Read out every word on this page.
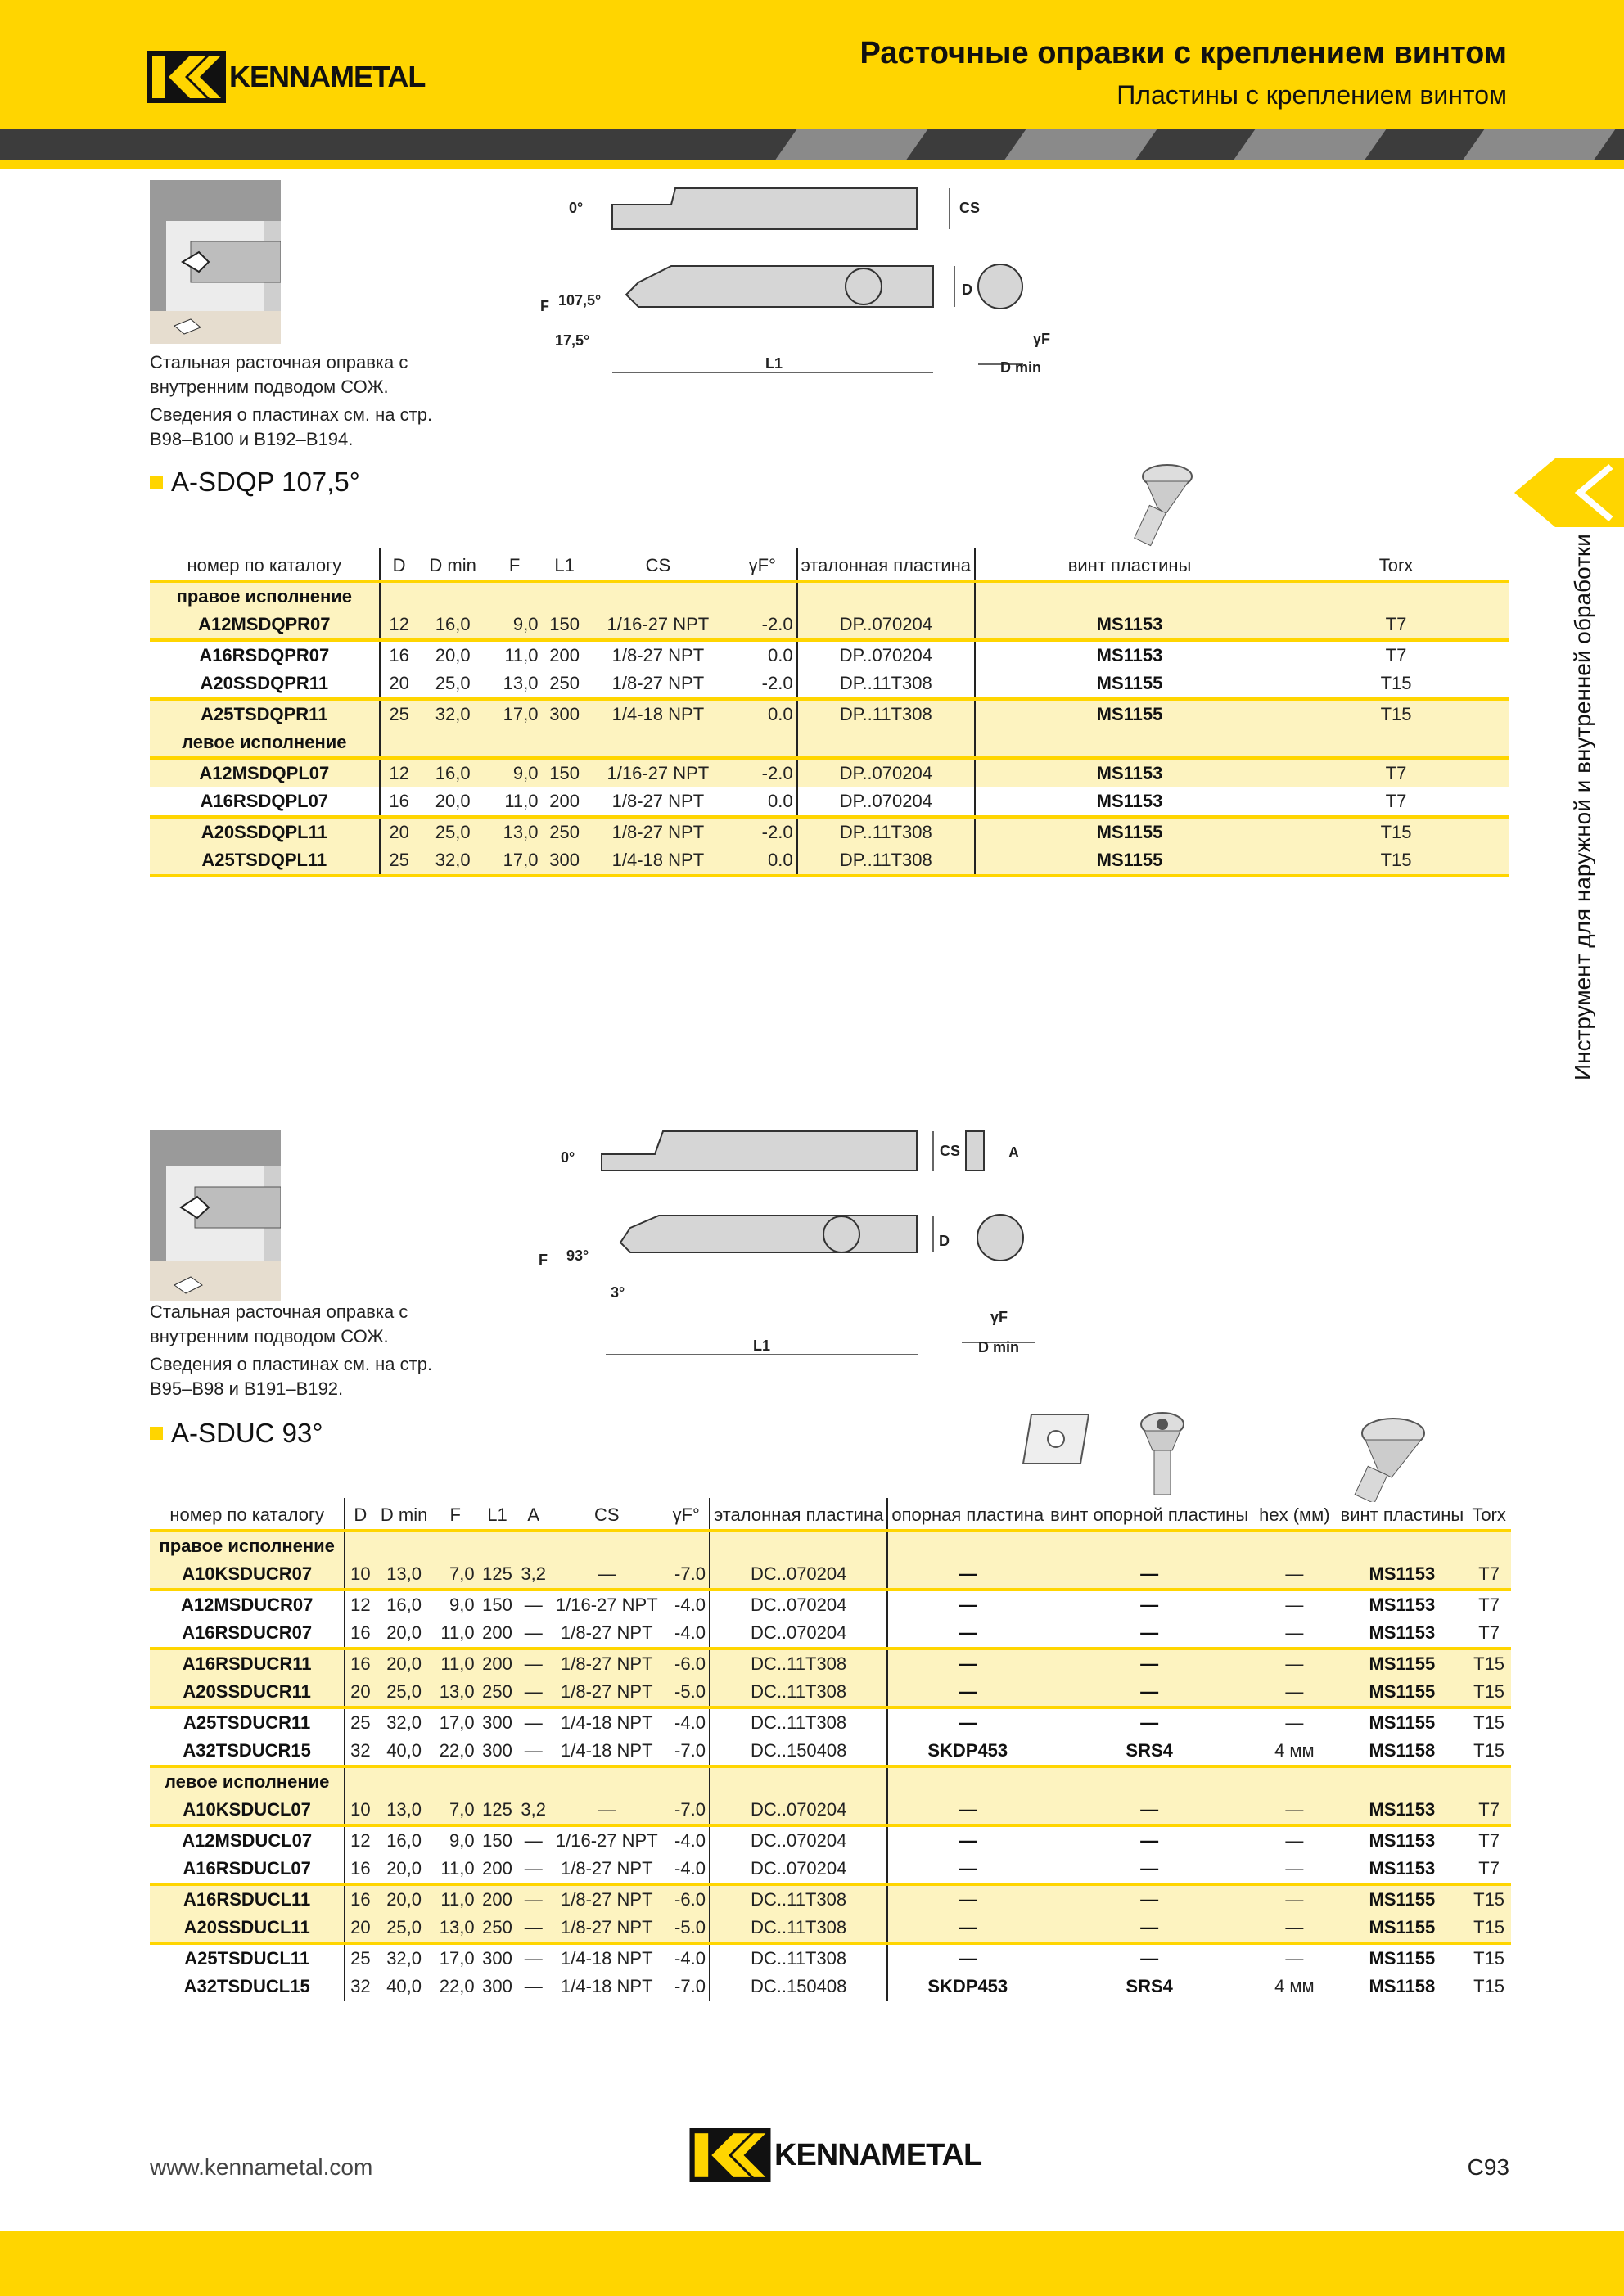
KENNAMETAL
Расточные оправки с креплением винтом
Пластины с креплением винтом
Инструмент для наружной и внутренней обработки
Стальная расточная оправка с внутренним подводом СОЖ.
Сведения о пластинах см. на стр. B98–B100 и B192–B194.
0°	CS
F 107,5°
17,5°
L1
D
γF
D min
A-SDQP 107,5°
номер по каталогу	D	D min	F	L1	CS	γF°	эталонная пластина	винт пластины	Torx
правое исполнение									
A12MSDQPR07	12	16,0	9,0	150	1/16-27 NPT	-2.0	DP..070204	MS1153	T7
A16RSDQPR07	16	20,0	11,0	200	1/8-27 NPT	0.0	DP..070204	MS1153	T7
A20SSDQPR11	20	25,0	13,0	250	1/8-27 NPT	-2.0	DP..11T308	MS1155	T15
A25TSDQPR11	25	32,0	17,0	300	1/4-18 NPT	0.0	DP..11T308	MS1155	T15
левое исполнение									
A12MSDQPL07	12	16,0	9,0	150	1/16-27 NPT	-2.0	DP..070204	MS1153	T7
A16RSDQPL07	16	20,0	11,0	200	1/8-27 NPT	0.0	DP..070204	MS1153	T7
A20SSDQPL11	20	25,0	13,0	250	1/8-27 NPT	-2.0	DP..11T308	MS1155	T15
A25TSDQPL11	25	32,0	17,0	300	1/4-18 NPT	0.0	DP..11T308	MS1155	T15
Стальная расточная оправка с внутренним подводом СОЖ.
Сведения о пластинах см. на стр. B95–B98 и B191–B192.
0°	CS	A
F 93°
3°
L1
D
γF
D min
A-SDUC 93°
номер по каталогу	D	D min	F	L1	A	CS	γF°	эталонная пластина	опорная пластина	винт опорной пластины	hex (мм)	винт пластины	Torx
правое исполнение													
A10KSDUCR07	10	13,0	7,0	125	3,2	—	-7.0	DC..070204	—	—	—	MS1153	T7
A12MSDUCR07	12	16,0	9,0	150	—	1/16-27 NPT	-4.0	DC..070204	—	—	—	MS1153	T7
A16RSDUCR07	16	20,0	11,0	200	—	1/8-27 NPT	-4.0	DC..070204	—	—	—	MS1153	T7
A16RSDUCR11	16	20,0	11,0	200	—	1/8-27 NPT	-6.0	DC..11T308	—	—	—	MS1155	T15
A20SSDUCR11	20	25,0	13,0	250	—	1/8-27 NPT	-5.0	DC..11T308	—	—	—	MS1155	T15
A25TSDUCR11	25	32,0	17,0	300	—	1/4-18 NPT	-4.0	DC..11T308	—	—	—	MS1155	T15
A32TSDUCR15	32	40,0	22,0	300	—	1/4-18 NPT	-7.0	DC..150408	SKDP453	SRS4	4 мм	MS1158	T15
левое исполнение													
A10KSDUCL07	10	13,0	7,0	125	3,2	—	-7.0	DC..070204	—	—	—	MS1153	T7
A12MSDUCL07	12	16,0	9,0	150	—	1/16-27 NPT	-4.0	DC..070204	—	—	—	MS1153	T7
A16RSDUCL07	16	20,0	11,0	200	—	1/8-27 NPT	-4.0	DC..070204	—	—	—	MS1153	T7
A16RSDUCL11	16	20,0	11,0	200	—	1/8-27 NPT	-6.0	DC..11T308	—	—	—	MS1155	T15
A20SSDUCL11	20	25,0	13,0	250	—	1/8-27 NPT	-5.0	DC..11T308	—	—	—	MS1155	T15
A25TSDUCL11	25	32,0	17,0	300	—	1/4-18 NPT	-4.0	DC..11T308	—	—	—	MS1155	T15
A32TSDUCL15	32	40,0	22,0	300	—	1/4-18 NPT	-7.0	DC..150408	SKDP453	SRS4	4 мм	MS1158	T15
www.kennametal.com	KENNAMETAL	C93
